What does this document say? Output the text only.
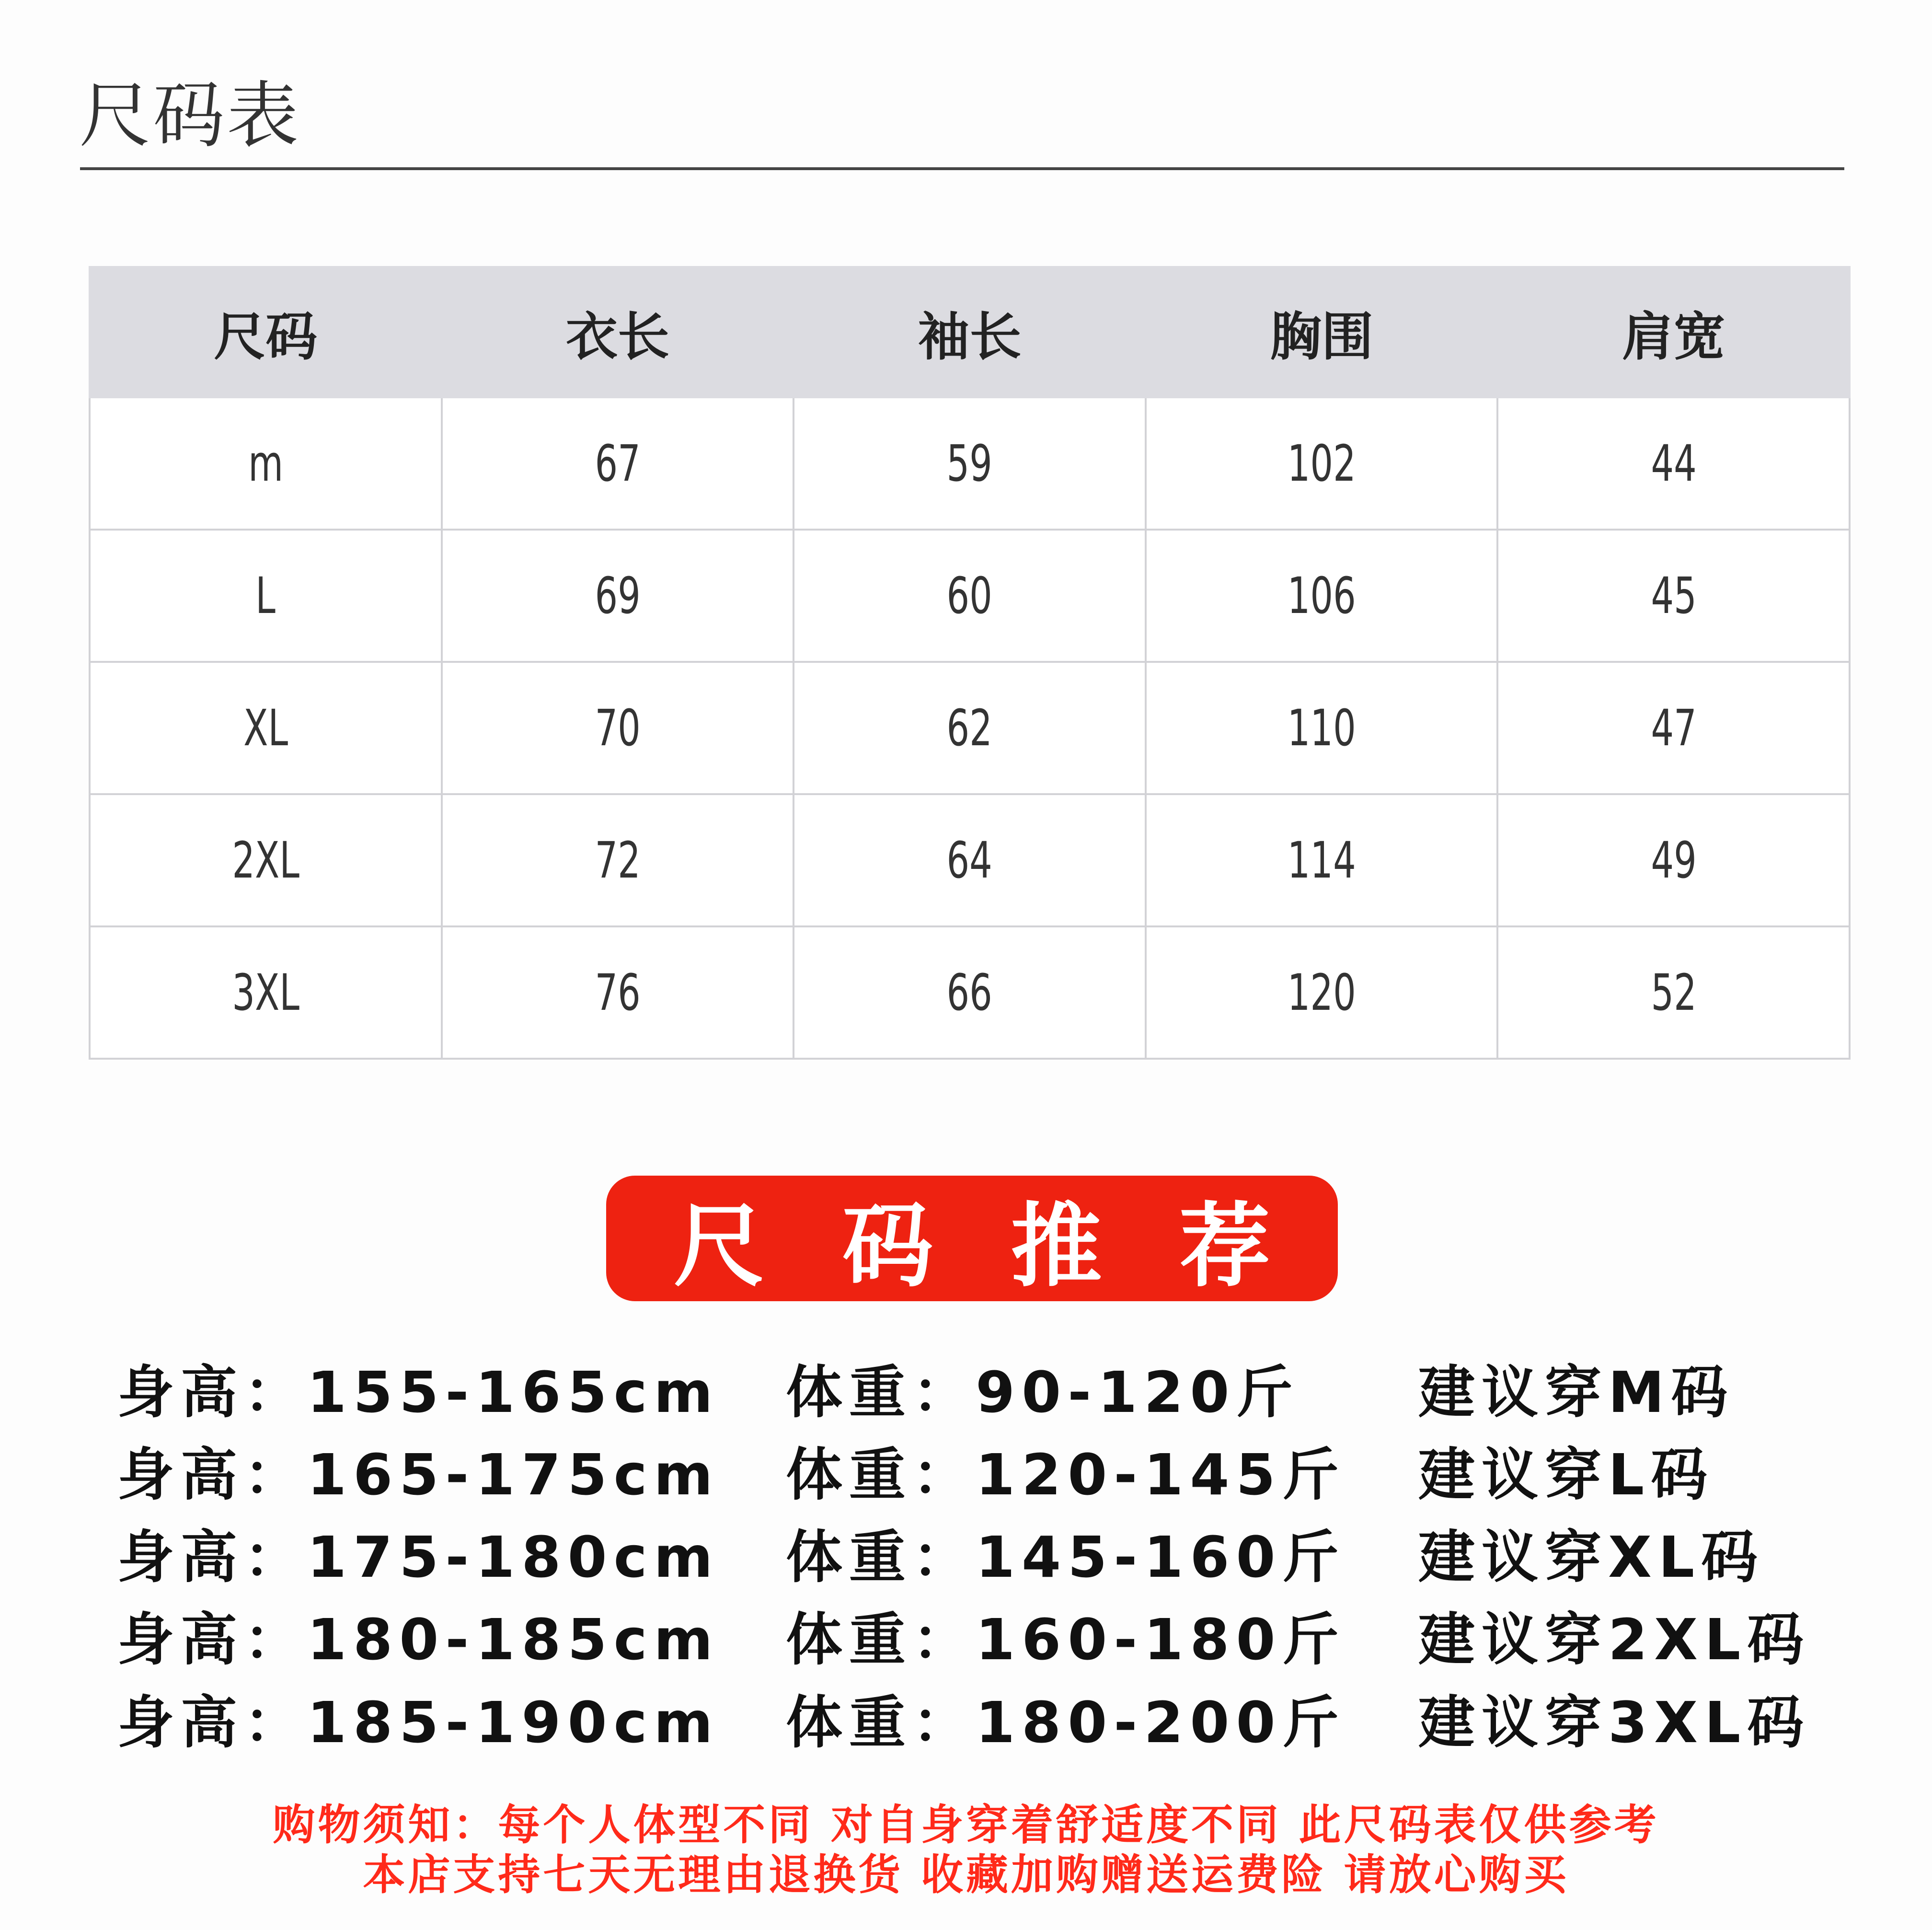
尺码表
尺码	衣长	袖长	胸围	肩宽
m	67	59	102	44
L	69	60	106	45
XL	70	62	110	47
2XL	72	64	114	49
3XL	76	66	120	52
尺 码 推 荐
身高：155-165cm 体重：90-120斤 建议穿M码
身高：165-175cm 体重：120-145斤 建议穿L码
身高：175-180cm 体重：145-160斤 建议穿XL码
身高：180-185cm 体重：160-180斤 建议穿2XL码
身高：185-190cm 体重：180-200斤 建议穿3XL码
购物须知：每个人体型不同 对自身穿着舒适度不同 此尺码表仅供参考
本店支持七天无理由退换货 收藏加购赠送运费险 请放心购买
